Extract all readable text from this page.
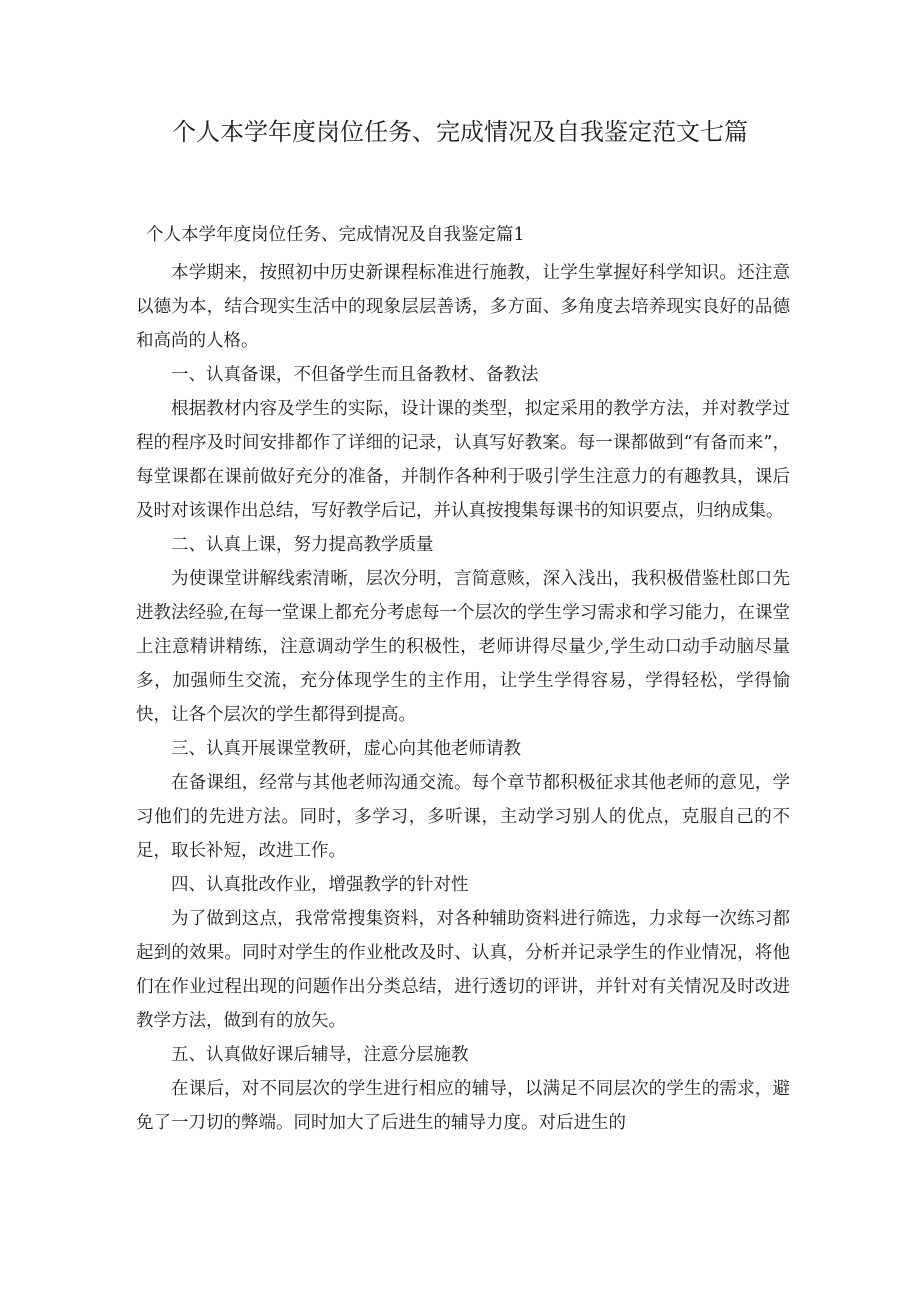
个人本学年度岗位任务、完成情况及自我鉴定范文七篇

个人本学年度岗位任务、完成情况及自我鉴定篇1

本学期来，按照初中历史新课程标准进行施教，让学生掌握好科学知识。还注意以德为本，结合现实生活中的现象层层善诱，多方面、多角度去培养现实良好的品德和高尚的人格。

一、认真备课，不但备学生而且备教材、备教法

根据教材内容及学生的实际，设计课的类型，拟定采用的教学方法，并对教学过程的程序及时间安排都作了详细的记录，认真写好教案。每一课都做到“有备而来”，每堂课都在课前做好充分的准备，并制作各种利于吸引学生注意力的有趣教具，课后及时对该课作出总结，写好教学后记，并认真按搜集每课书的知识要点，归纳成集。

二、认真上课，努力提高教学质量

为使课堂讲解线索清晰，层次分明，言简意赅，深入浅出，我积极借鉴杜郎口先进教法经验,在每一堂课上都充分考虑每一个层次的学生学习需求和学习能力，在课堂上注意精讲精练，注意调动学生的积极性，老师讲得尽量少,学生动口动手动脑尽量多，加强师生交流，充分体现学生的主作用，让学生学得容易，学得轻松，学得愉快，让各个层次的学生都得到提高。

三、认真开展课堂教研，虚心向其他老师请教

在备课组，经常与其他老师沟通交流。每个章节都积极征求其他老师的意见，学习他们的先进方法。同时，多学习，多听课，主动学习别人的优点，克服自己的不足，取长补短，改进工作。

四、认真批改作业，增强教学的针对性

为了做到这点，我常常搜集资料，对各种辅助资料进行筛选，力求每一次练习都起到的效果。同时对学生的作业枇改及时、认真，分析并记录学生的作业情况，将他们在作业过程出现的问题作出分类总结，进行透切的评讲，并针对有关情况及时改进教学方法，做到有的放矢。

五、认真做好课后辅导，注意分层施教

在课后，对不同层次的学生进行相应的辅导，以满足不同层次的学生的需求，避免了一刀切的弊端。同时加大了后进生的辅导力度。对后进生的
